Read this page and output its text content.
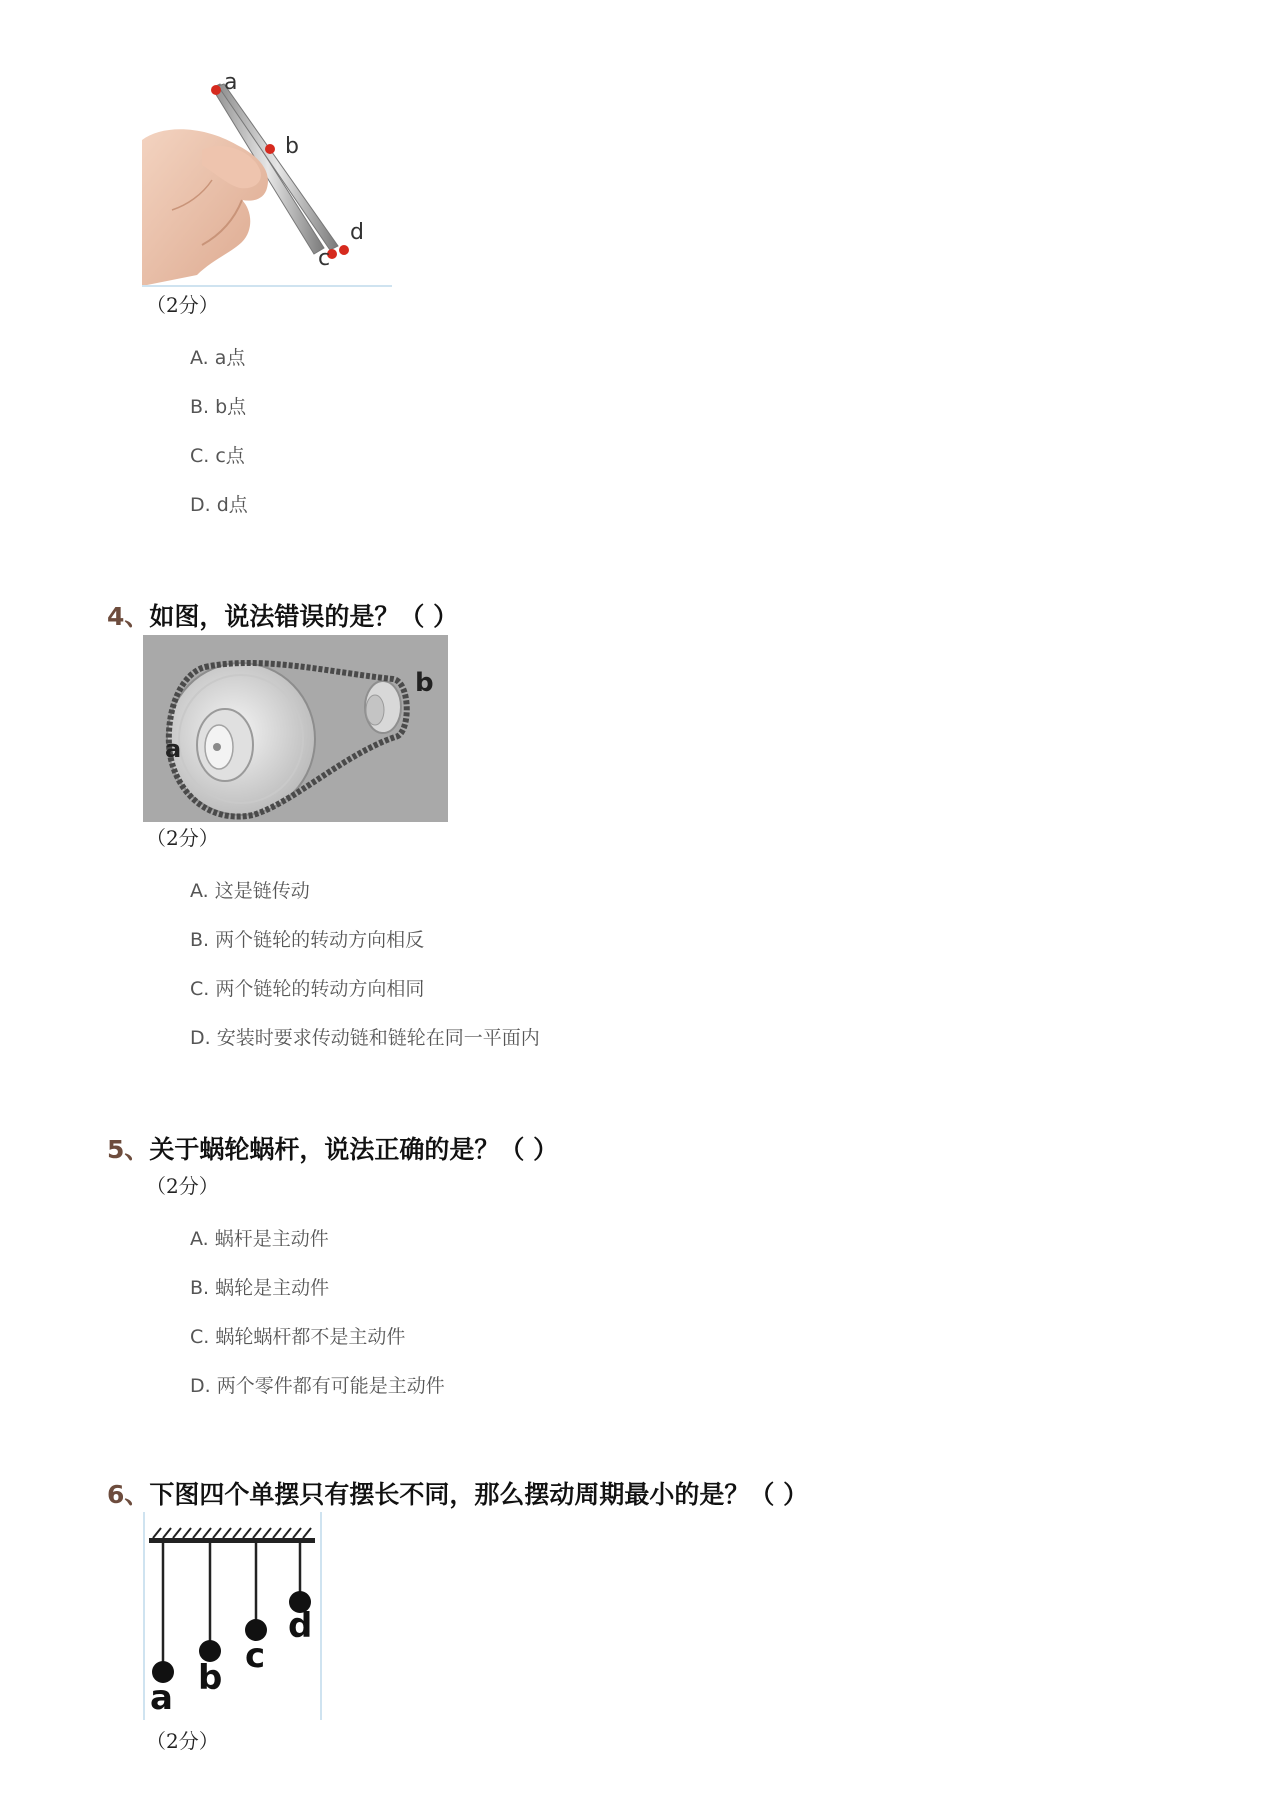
a
b
c
d
（2分）
A. a点
B. b点
C. c点
D. d点
4、如图，说法错误的是？（ ）
a
b
（2分）
A. 这是链传动
B. 两个链轮的转动方向相反
C. 两个链轮的转动方向相同
D. 安装时要求传动链和链轮在同一平面内
5、关于蜗轮蜗杆，说法正确的是？（ ）
（2分）
A. 蜗杆是主动件
B. 蜗轮是主动件
C. 蜗轮蜗杆都不是主动件
D. 两个零件都有可能是主动件
6、下图四个单摆只有摆长不同，那么摆动周期最小的是？（ ）
a b
c
d
（2分）
